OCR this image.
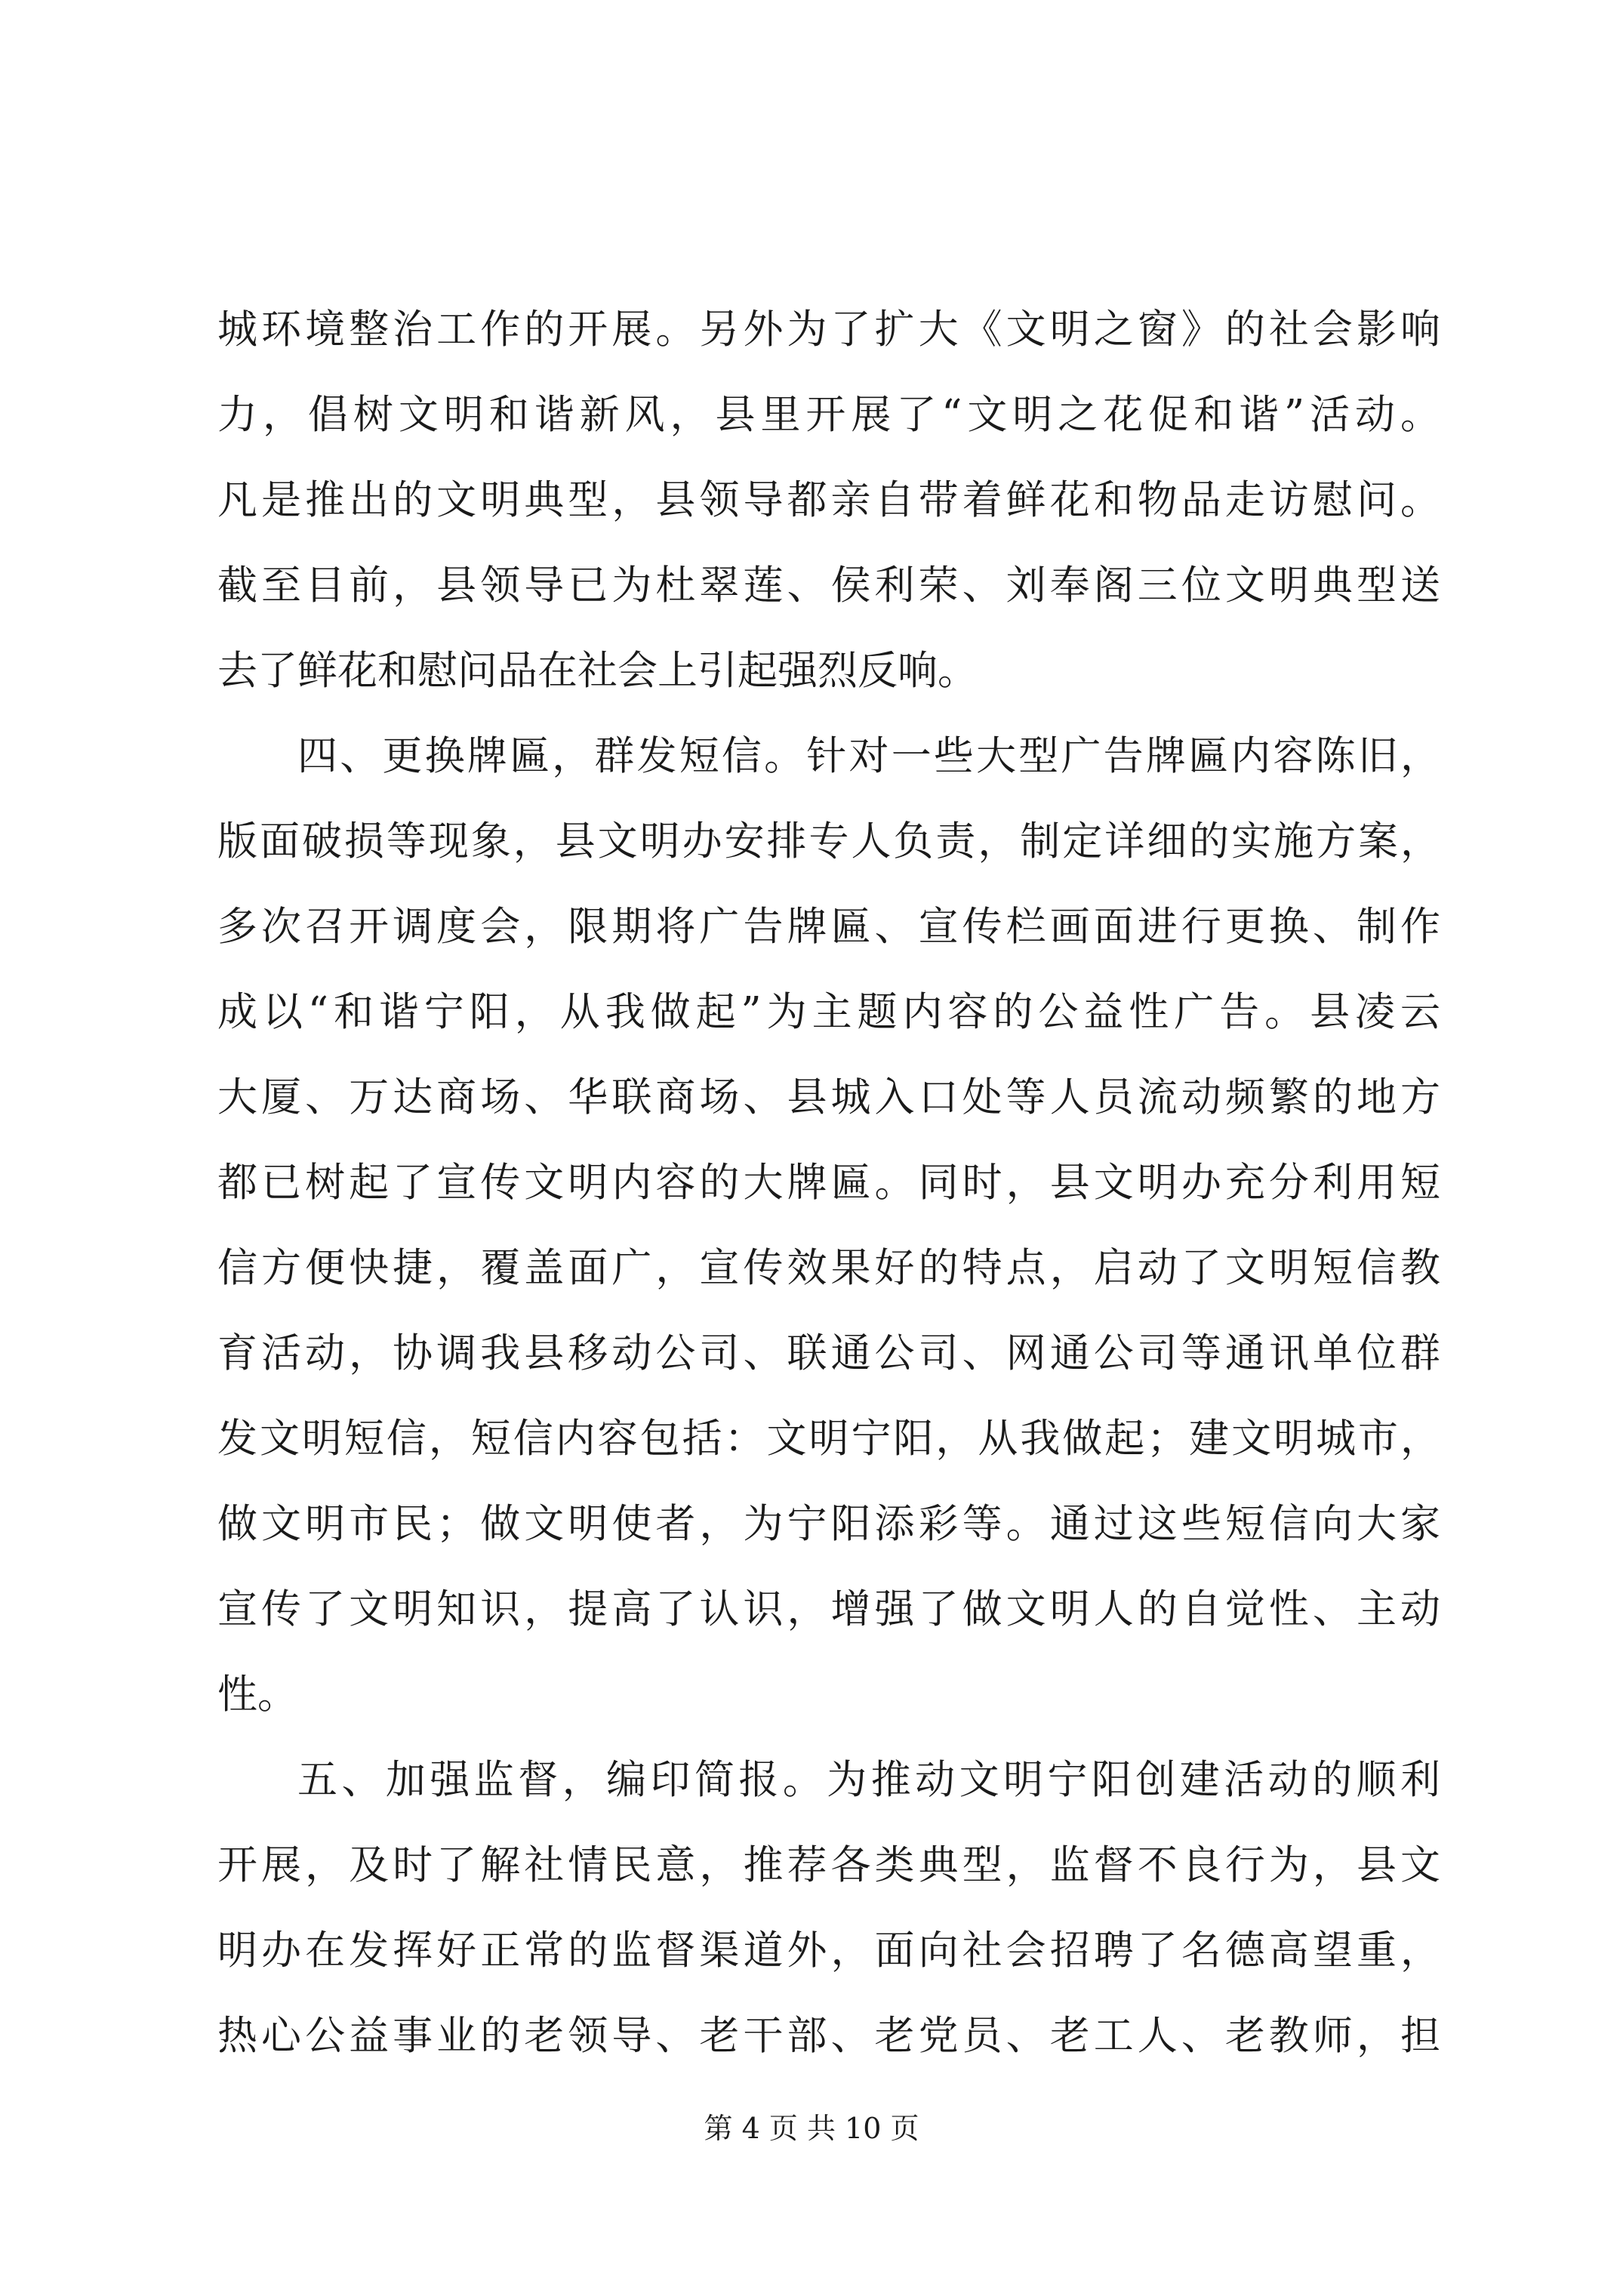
城环境整治工作的开展。另外为了扩大《文明之窗》的社会影响
力，倡树文明和谐新风，县里开展了“文明之花促和谐”活动。
凡是推出的文明典型，县领导都亲自带着鲜花和物品走访慰问。
截至目前，县领导已为杜翠莲、侯利荣、刘奉阁三位文明典型送
去了鲜花和慰问品在社会上引起强烈反响。
四、更换牌匾，群发短信。针对一些大型广告牌匾内容陈旧，
版面破损等现象，县文明办安排专人负责，制定详细的实施方案，
多次召开调度会，限期将广告牌匾、宣传栏画面进行更换、制作
成以“和谐宁阳，从我做起”为主题内容的公益性广告。县凌云
大厦、万达商场、华联商场、县城入口处等人员流动频繁的地方
都已树起了宣传文明内容的大牌匾。同时，县文明办充分利用短
信方便快捷，覆盖面广，宣传效果好的特点，启动了文明短信教
育活动，协调我县移动公司、联通公司、网通公司等通讯单位群
发文明短信，短信内容包括：文明宁阳，从我做起；建文明城市，
做文明市民；做文明使者，为宁阳添彩等。通过这些短信向大家
宣传了文明知识，提高了认识，增强了做文明人的自觉性、主动
性。
五、加强监督，编印简报。为推动文明宁阳创建活动的顺利
开展，及时了解社情民意，推荐各类典型，监督不良行为，县文
明办在发挥好正常的监督渠道外，面向社会招聘了名德高望重，
热心公益事业的老领导、老干部、老党员、老工人、老教师，担
第 4 页 共 10 页
